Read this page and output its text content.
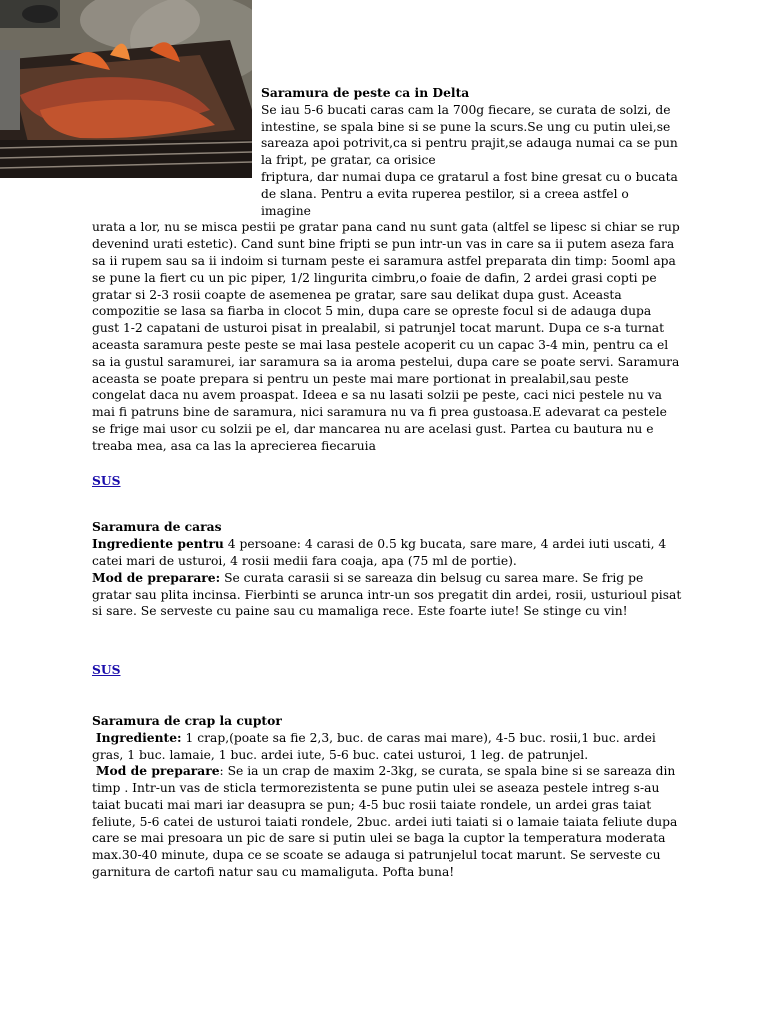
Saramura de peste ca in Delta

Se iau 5-6 bucati caras cam la 700g fiecare, se curata de solzi, de

intestine, se spala bine si se pune la scurs.Se ung cu putin ulei,se

sareaza apoi potrivit,ca si pentru prajit,se adauga numai ca se pun

la fript, pe gratar, ca orisice

friptura, dar numai dupa ce gratarul a fost bine gresat cu o bucata

de slana. Pentru a evita ruperea pestilor, si a creea astfel o imagine

urata a lor, nu se misca pestii pe gratar pana cand nu sunt gata (altfel se lipesc si chiar se rup devenind urati estetic). Cand sunt bine fripti se pun intr-un vas in care sa ii putem aseza fara sa ii rupem sau sa ii indoim si turnam peste ei saramura astfel preparata din timp: 5ooml apa se pune la fiert cu un pic piper, 1/2 lingurita cimbru,o foaie de dafin, 2 ardei grasi copti pe gratar si 2-3 rosii coapte de asemenea pe gratar, sare sau delikat dupa gust. Aceasta compozitie se lasa sa fiarba in clocot 5 min, dupa care se opreste focul si de adauga dupa gust 1-2 capatani de usturoi pisat in prealabil, si patrunjel tocat marunt. Dupa ce s-a turnat aceasta saramura peste peste se mai lasa pestele acoperit cu un capac 3-4 min, pentru ca el sa ia gustul saramurei, iar saramura sa ia aroma pestelui, dupa care se poate servi. Saramura aceasta se poate prepara si pentru un peste mai mare portionat in prealabil,sau peste congelat daca nu avem proaspat. Ideea e sa nu lasati solzii pe peste, caci nici pestele nu va mai fi patruns bine de saramura, nici saramura nu va fi prea gustoasa.E adevarat ca pestele se frige mai usor cu solzii pe el, dar mancarea nu are acelasi gust. Partea cu bautura nu e treaba mea, asa ca las la aprecierea fiecaruia

SUS

Saramura de caras

Ingrediente pentru 4 persoane: 4 carasi de 0.5 kg bucata, sare mare, 4 ardei iuti uscati, 4 catei mari de usturoi, 4 rosii medii fara coaja, apa (75 ml de portie).

Mod de preparare: Se curata carasii si se sareaza din belsug cu sarea mare. Se frig pe gratar sau plita incinsa. Fierbinti se arunca intr-un sos pregatit din ardei, rosii, usturioul pisat si sare. Se serveste cu paine sau cu mamaliga rece. Este foarte iute! Se stinge cu vin!

SUS

Saramura de crap la cuptor

Ingrediente: 1 crap,(poate sa fie 2,3, buc. de caras mai mare), 4-5 buc. rosii,1 buc. ardei gras, 1 buc. lamaie, 1 buc. ardei iute, 5-6 buc. catei usturoi, 1 leg. de patrunjel.

Mod de preparare: Se ia un crap de maxim 2-3kg, se curata, se spala bine si se sareaza din timp . Intr-un vas de sticla termorezistenta se pune putin ulei se aseaza pestele intreg s-au taiat bucati mai mari iar deasupra se pun; 4-5 buc rosii taiate rondele, un ardei gras taiat feliute, 5-6 catei de usturoi taiati rondele, 2buc. ardei iuti taiati si o lamaie taiata feliute dupa care se mai presoara un pic de sare si putin ulei se baga la cuptor la temperatura moderata max.30-40 minute, dupa ce se scoate se adauga si patrunjelul tocat marunt. Se serveste cu garnitura de cartofi natur sau cu mamaliguta. Pofta buna!
